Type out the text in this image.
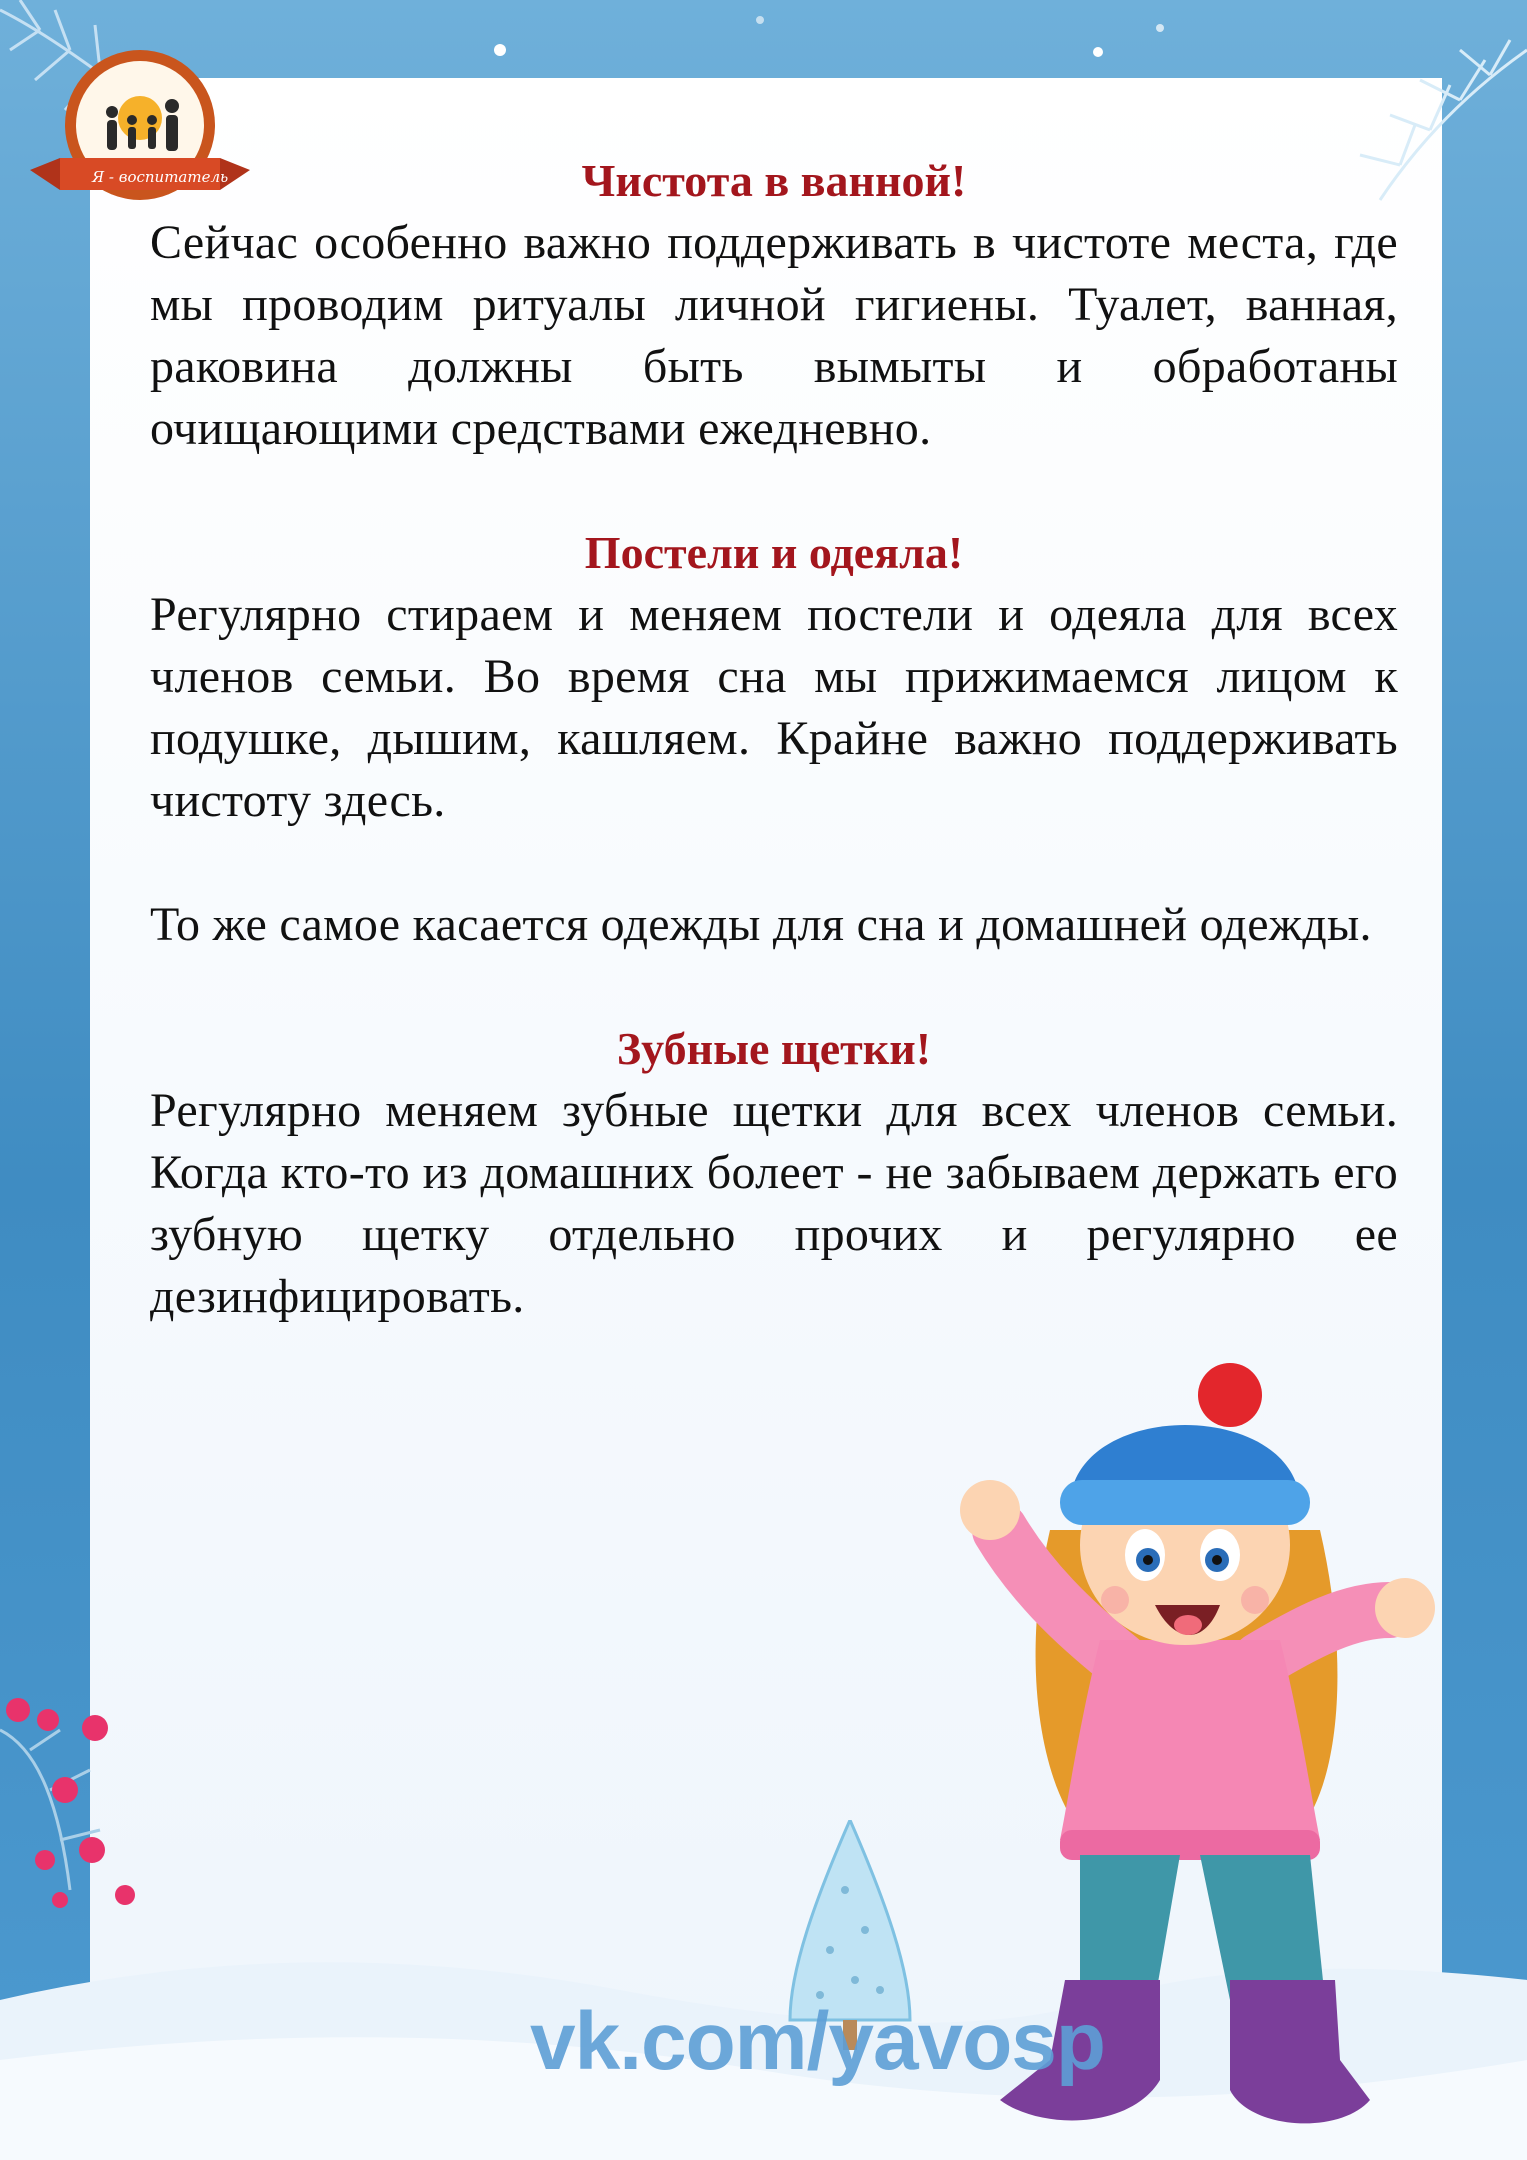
Я - воспитатель	Чистота в ванной!

Сейчас особенно важно поддерживать в чистоте места, где мы проводим ритуалы личной гигиены. Туалет, ванная, раковина должны быть вымыты и обработаны очищающими средствами ежедневно.

Постели и одеяла!

Регулярно стираем и меняем постели и одеяла для всех членов семьи. Во время сна мы прижимаемся лицом к подушке, дышим, кашляем. Крайне важно поддерживать чистоту здесь.

То же самое касается одежды для сна и домашней одежды.

Зубные щетки!

Регулярно меняем зубные щетки для всех членов семьи. Когда кто-то из домашних болеет - не забываем держать его зубную щетку отдельно прочих и регулярно ее дезинфицировать.

vk.com/yavosp
